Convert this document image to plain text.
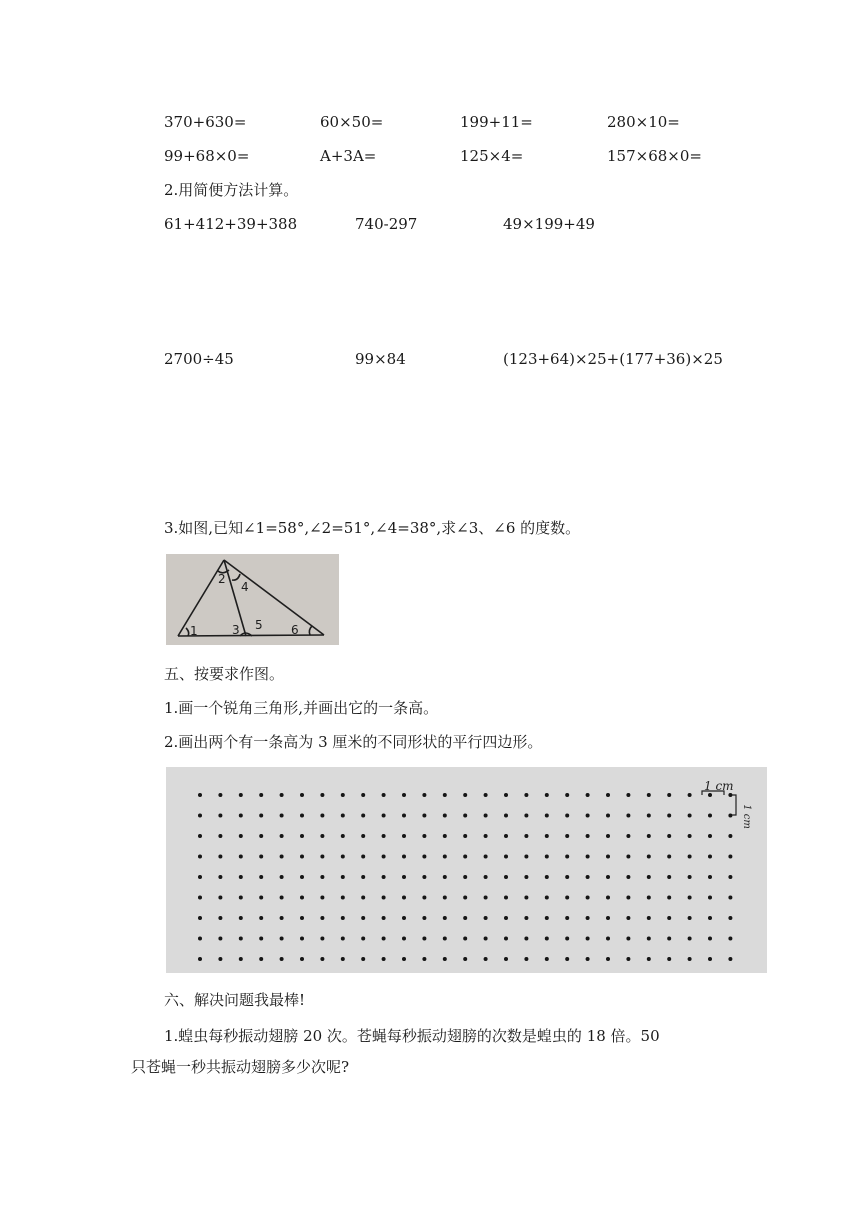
370+630=	60×50=	199+11=	280×10=
99+68×0=	A+3A=	125×4=	157×68×0=
2.用简便方法计算。
61+412+39+388	740-297	49×199+49
2700÷45	99×84	(123+64)×25+(177+36)×25
3.如图,已知∠1=58°,∠2=51°,∠4=38°,求∠3、∠6 的度数。
1
2
4
3 5 6
五、按要求作图。
1.画一个锐角三角形,并画出它的一条高。
2.画出两个有一条高为 3 厘米的不同形状的平行四边形。
1 cm
1 cm
六、解决问题我最棒!
1.蝗虫每秒振动翅膀 20 次。苍蝇每秒振动翅膀的次数是蝗虫的 18 倍。50
只苍蝇一秒共振动翅膀多少次呢?
